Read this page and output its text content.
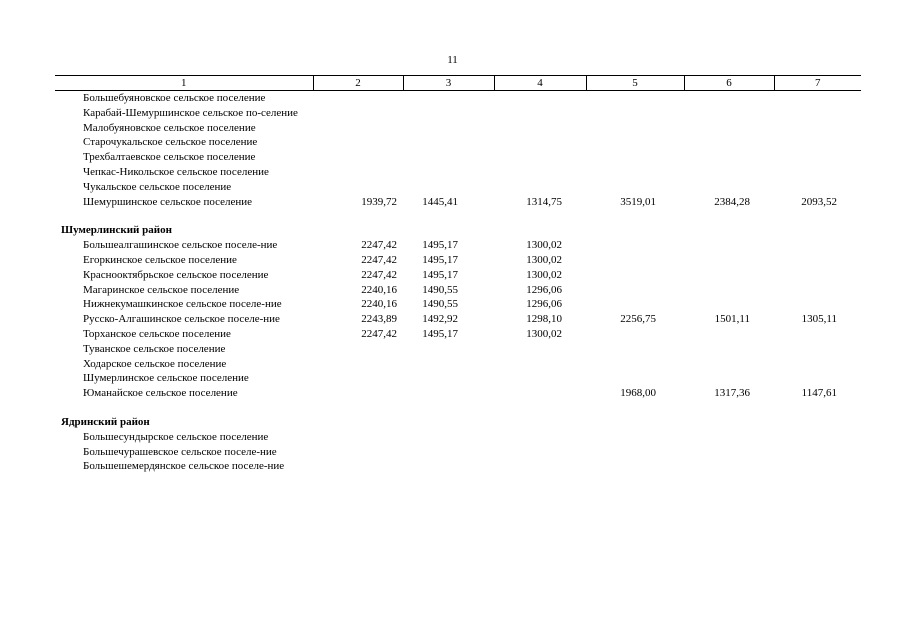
11
1	2	3	4	5	6	7

Большебуяновское сельское поселение						

Карабай-Шемуршинское сельское по-селение						

Малобуяновское сельское поселение						

Старочукальское сельское поселение						

Трехбалтаевское сельское поселение						

Чепкас-Никольское сельское поселение						

Чукальское сельское поселение						

Шемуршинское сельское поселение	1939,72	1445,41	1314,75	3519,01	2384,28	2093,52
Шумерлинский район						

Большеалгашинское сельское поселе-ние	2247,42	1495,17	1300,02			

Егоркинское сельское поселение	2247,42	1495,17	1300,02			

Краснооктябрьское сельское поселение	2247,42	1495,17	1300,02			

Магаринское сельское поселение	2240,16	1490,55	1296,06			

Нижнекумашкинское сельское поселе-ние	2240,16	1490,55	1296,06			

Русско-Алгашинское сельское поселе-ние	2243,89	1492,92	1298,10	2256,75	1501,11	1305,11

Торханское сельское поселение	2247,42	1495,17	1300,02			

Туванское сельское поселение						

Ходарское сельское поселение						

Шумерлинское сельское поселение						

Юманайское сельское поселение				1968,00	1317,36	1147,61
Ядринский район						

Большесундырское сельское поселение						

Большечурашевское сельское поселе-ние						

Большешемердянское сельское поселе-ние						
